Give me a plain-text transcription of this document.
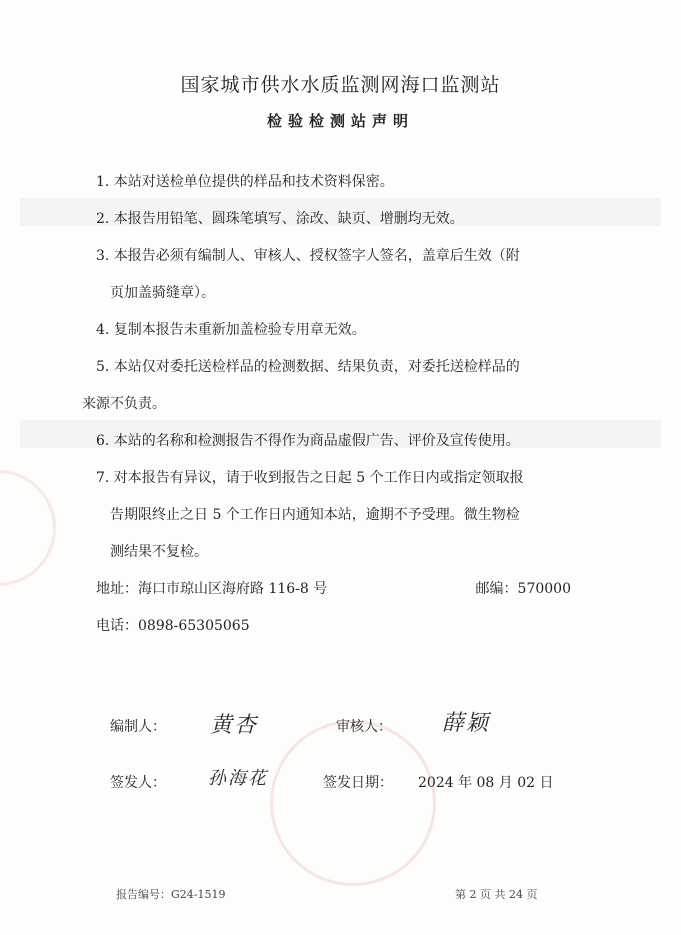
国家城市供水水质监测网海口监测站
检验检测站声明
1. 本站对送检单位提供的样品和技术资料保密。
2. 本报告用铅笔、圆珠笔填写、涂改、缺页、增删均无效。
3. 本报告必须有编制人、审核人、授权签字人签名，盖章后生效（附
页加盖骑缝章）。
4. 复制本报告未重新加盖检验专用章无效。
5. 本站仅对委托送检样品的检测数据、结果负责，对委托送检样品的
来源不负责。
6. 本站的名称和检测报告不得作为商品虚假广告、评价及宣传使用。
7. 对本报告有异议，请于收到报告之日起 5 个工作日内或指定领取报
告期限终止之日 5 个工作日内通知本站，逾期不予受理。微生物检
测结果不复检。
地址：海口市琼山区海府路 116-8 号	邮编：570000
电话：0898-65305065
编制人： 黄杏	审核人： 薛颖
签发人： 孙海花	签发日期： 2024 年 08 月 02 日
报告编号：G24-1519	第 2 页 共 24 页
